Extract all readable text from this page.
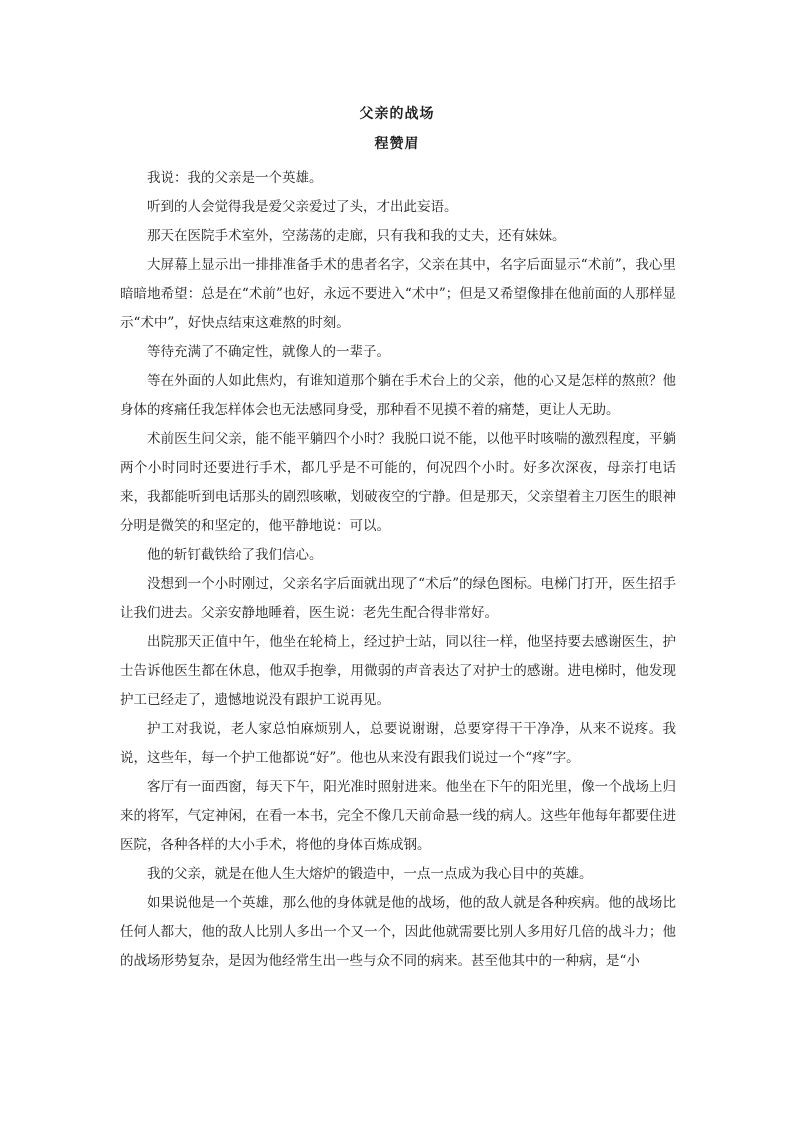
父亲的战场
程赞眉

我说：我的父亲是一个英雄。

听到的人会觉得我是爱父亲爱过了头，才出此妄语。

那天在医院手术室外，空荡荡的走廊，只有我和我的丈夫，还有妹妹。

大屏幕上显示出一排排准备手术的患者名字，父亲在其中，名字后面显示“术前”，我心里暗暗地希望：总是在“术前”也好，永远不要进入“术中”；但是又希望像排在他前面的人那样显示“术中”，好快点结束这难熬的时刻。

等待充满了不确定性，就像人的一辈子。

等在外面的人如此焦灼，有谁知道那个躺在手术台上的父亲，他的心又是怎样的熬煎？他身体的疼痛任我怎样体会也无法感同身受，那种看不见摸不着的痛楚，更让人无助。

术前医生问父亲，能不能平躺四个小时？我脱口说不能，以他平时咳喘的激烈程度，平躺两个小时同时还要进行手术，都几乎是不可能的，何况四个小时。好多次深夜，母亲打电话来，我都能听到电话那头的剧烈咳嗽，划破夜空的宁静。但是那天，父亲望着主刀医生的眼神分明是微笑的和坚定的，他平静地说：可以。

他的斩钉截铁给了我们信心。

没想到一个小时刚过，父亲名字后面就出现了“术后”的绿色图标。电梯门打开，医生招手让我们进去。父亲安静地睡着，医生说：老先生配合得非常好。

出院那天正值中午，他坐在轮椅上，经过护士站，同以往一样，他坚持要去感谢医生，护士告诉他医生都在休息，他双手抱拳，用微弱的声音表达了对护士的感谢。进电梯时，他发现护工已经走了，遗憾地说没有跟护工说再见。

护工对我说，老人家总怕麻烦别人，总要说谢谢，总要穿得干干净净，从来不说疼。我说，这些年，每一个护工他都说“好”。他也从来没有跟我们说过一个“疼”字。

客厅有一面西窗，每天下午，阳光准时照射进来。他坐在下午的阳光里，像一个战场上归来的将军，气定神闲，在看一本书，完全不像几天前命悬一线的病人。这些年他每年都要住进医院，各种各样的大小手术，将他的身体百炼成钢。

我的父亲，就是在他人生大熔炉的锻造中，一点一点成为我心目中的英雄。

如果说他是一个英雄，那么他的身体就是他的战场，他的敌人就是各种疾病。他的战场比任何人都大，他的敌人比别人多出一个又一个，因此他就需要比别人多用好几倍的战斗力；他的战场形势复杂，是因为他经常生出一些与众不同的病来。甚至他其中的一种病，是“小
